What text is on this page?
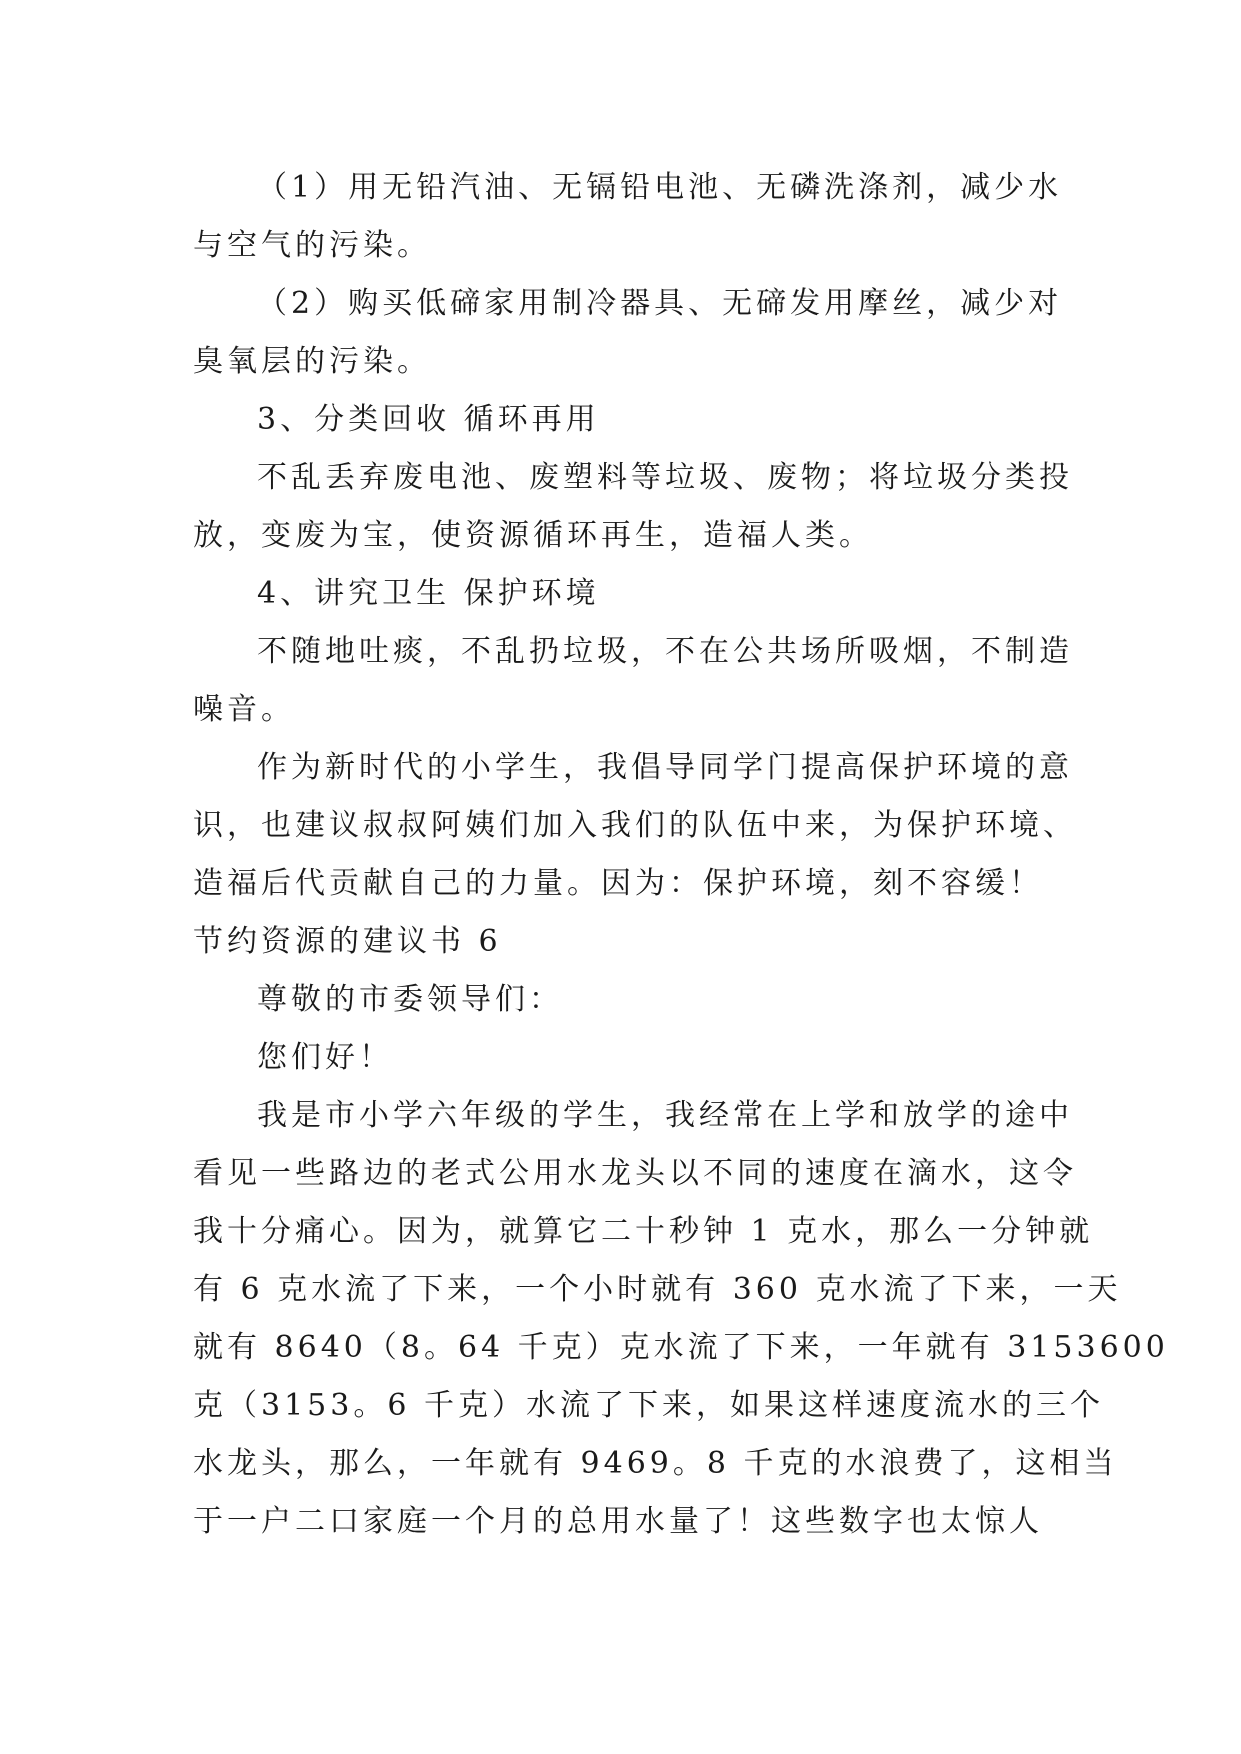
（1）用无铅汽油、无镉铅电池、无磷洗涤剂，减少水

与空气的污染。

（2）购买低碲家用制冷器具、无碲发用摩丝，减少对

臭氧层的污染。

3、分类回收 循环再用

不乱丢弃废电池、废塑料等垃圾、废物；将垃圾分类投

放，变废为宝，使资源循环再生，造福人类。

4、讲究卫生 保护环境

不随地吐痰，不乱扔垃圾，不在公共场所吸烟，不制造

噪音。

作为新时代的小学生，我倡导同学门提高保护环境的意

识，也建议叔叔阿姨们加入我们的队伍中来，为保护环境、

造福后代贡献自己的力量。因为：保护环境，刻不容缓！

节约资源的建议书 6

尊敬的市委领导们：

您们好！

我是市小学六年级的学生，我经常在上学和放学的途中

看见一些路边的老式公用水龙头以不同的速度在滴水，这令

我十分痛心。因为，就算它二十秒钟 1 克水，那么一分钟就

有 6 克水流了下来，一个小时就有 360 克水流了下来，一天

就有 8640（8。64 千克）克水流了下来，一年就有 3153600

克（3153。6 千克）水流了下来，如果这样速度流水的三个

水龙头，那么，一年就有 9469。8 千克的水浪费了，这相当

于一户二口家庭一个月的总用水量了！这些数字也太惊人
